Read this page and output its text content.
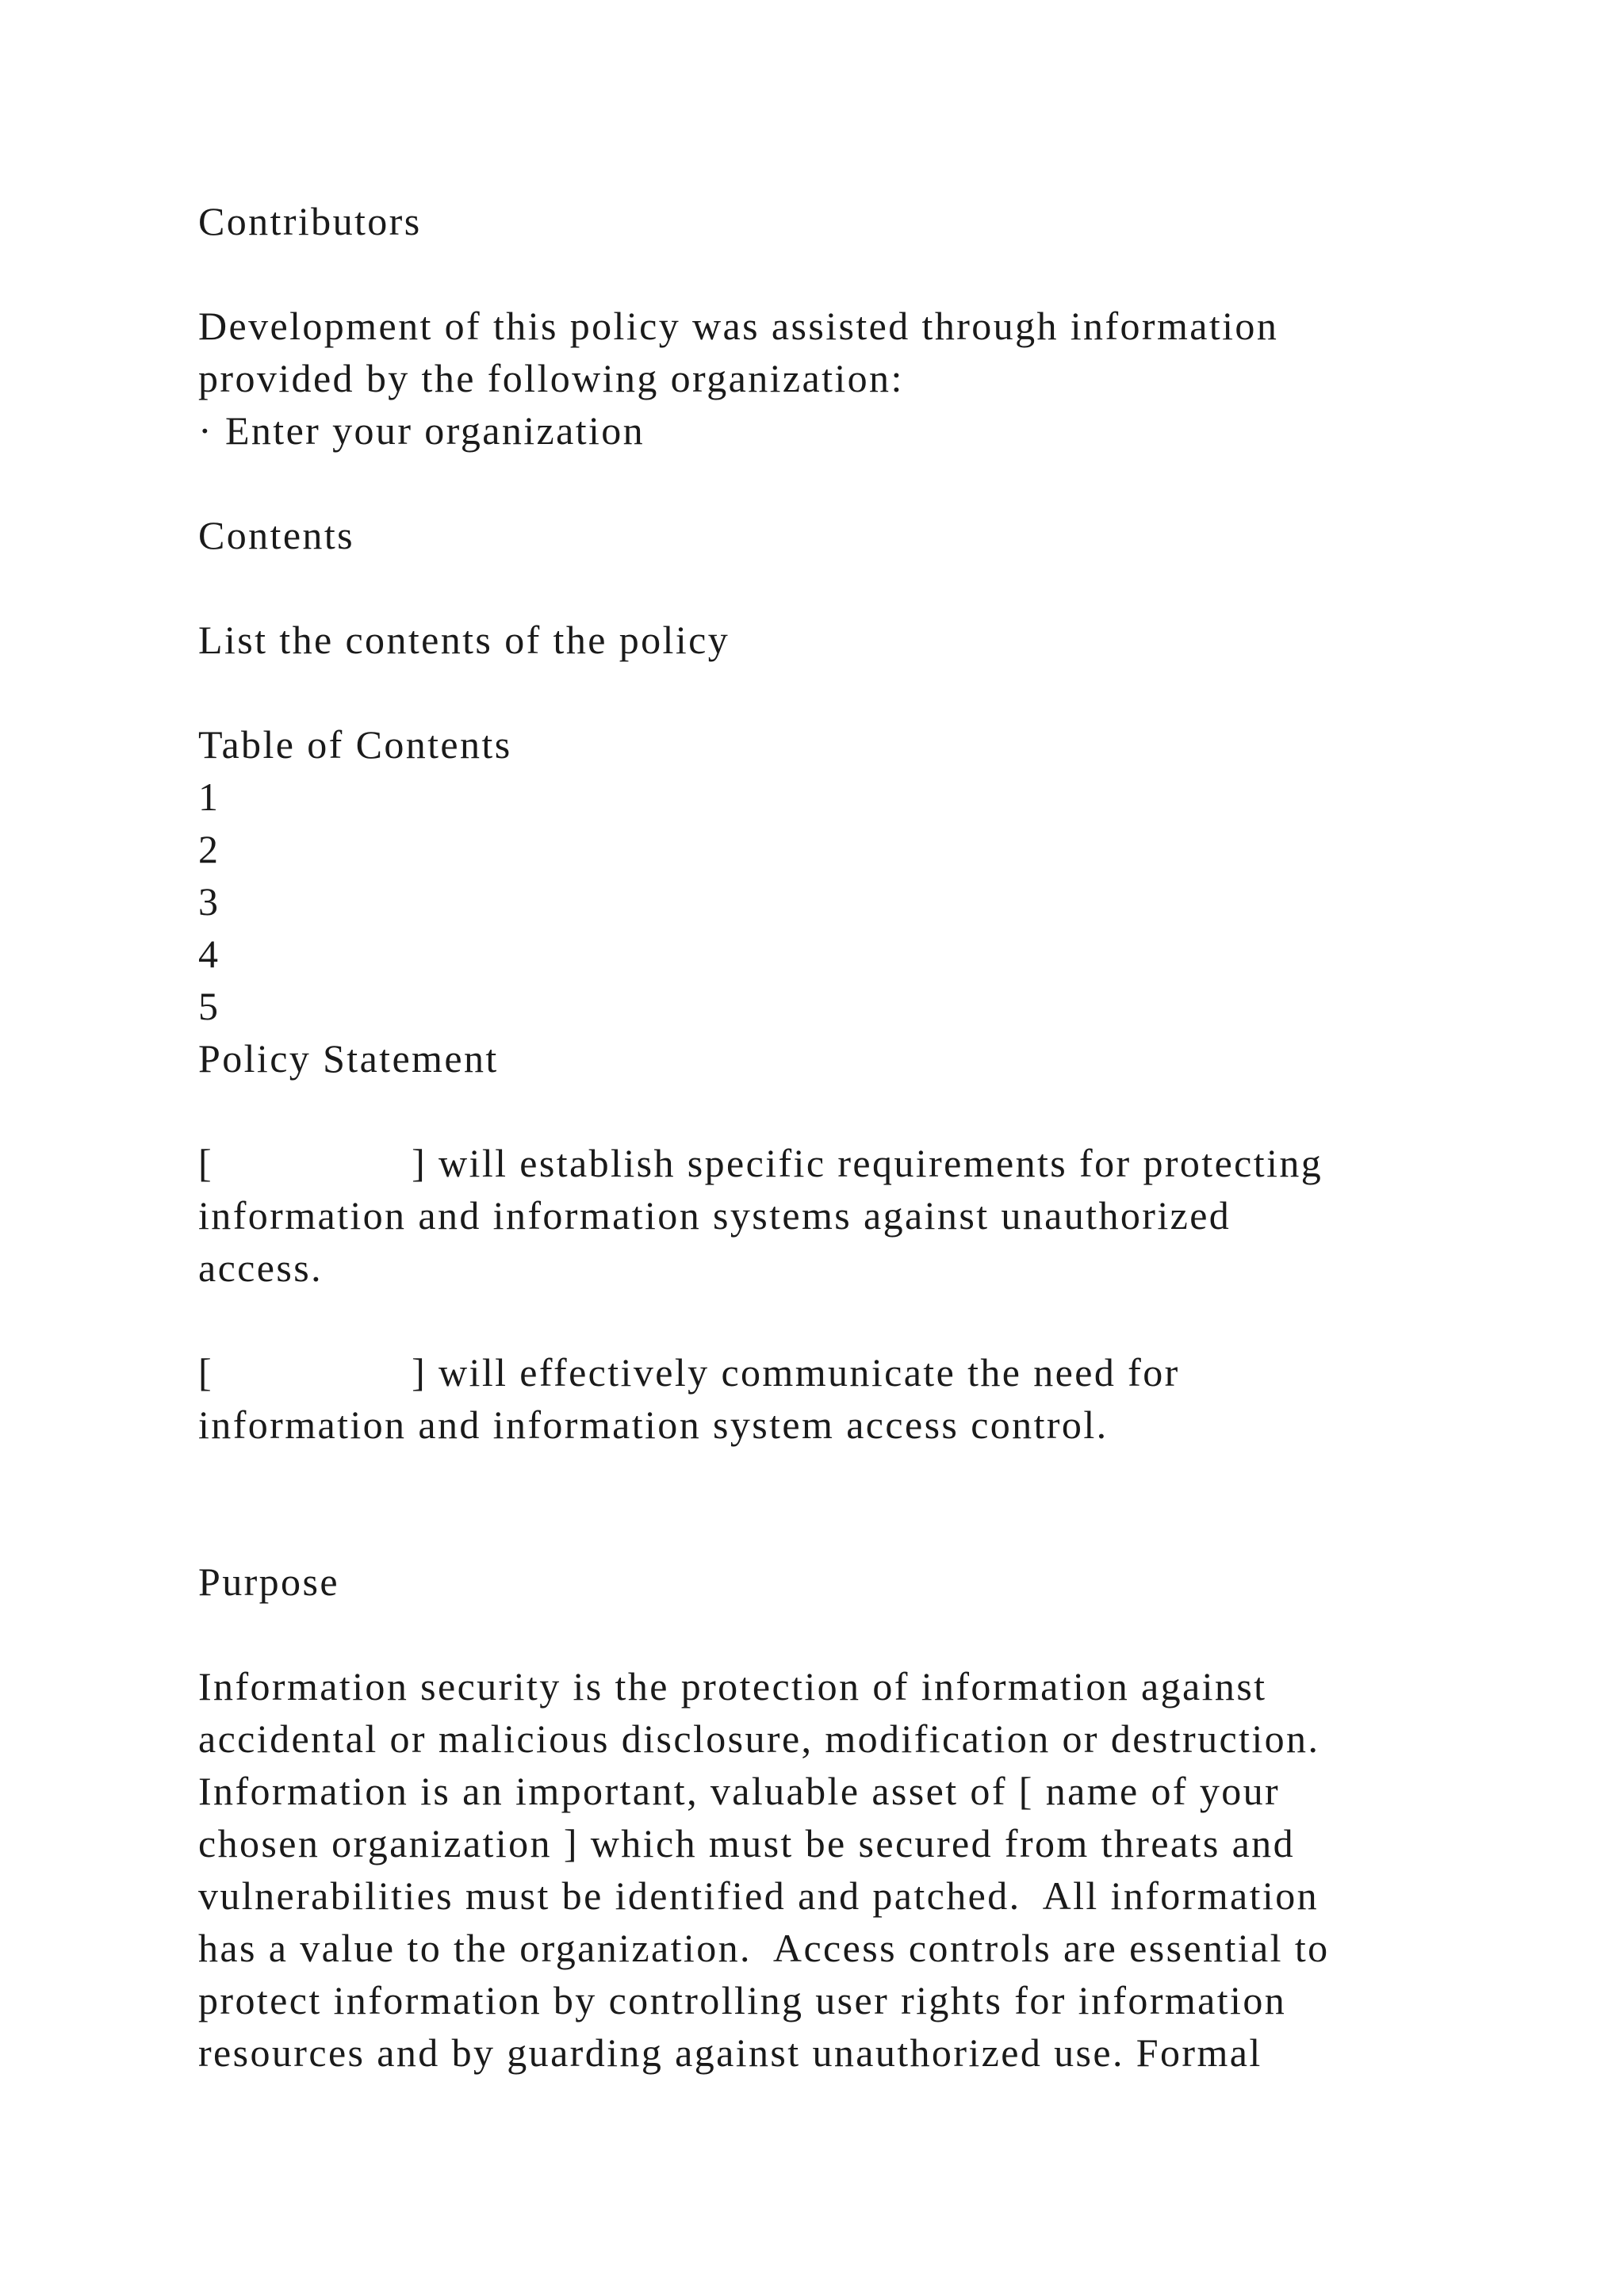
Contributors
Development of this policy was assisted through information
provided by the following organization:
· Enter your organization
Contents
List the contents of the policy
Table of Contents
1
2
3
4
5
Policy Statement
[	] will establish specific requirements for protecting
information and information systems against unauthorized
access.
[	] will effectively communicate the need for
information and information system access control.
Purpose
Information security is the protection of information against
accidental or malicious disclosure, modification or destruction.
Information is an important, valuable asset of [ name of your
chosen organization ] which must be secured from threats and
vulnerabilities must be identified and patched.  All information
has a value to the organization.  Access controls are essential to
protect information by controlling user rights for information
resources and by guarding against unauthorized use. Formal
